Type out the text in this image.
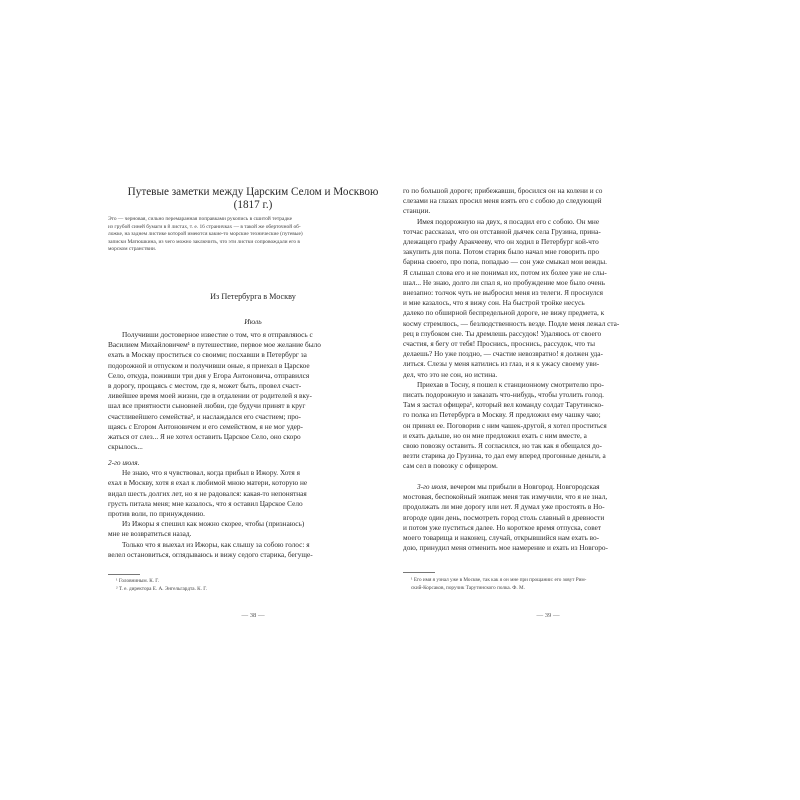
Путевые заметки между Царским Селом и Москвою
(1817 г.)
Это — черновая, сильно перемаранная поправками рукопись в сшитой тетрадке
из грубой синей бумаги в 8 листах, т. е. 16 страничках — в такой же оберточной об-
ложке, на заднем листике которой имеются какие-то морские технические (путевые)
записки Матюшкина, из чего можно заключить, что эти листки сопровождали его в
морском странствии.
Из Петербурга в Москву
Июль
Получивши достоверное известие о том, что я отправляюсь с
Василием Михайловичем¹ в путешествие, первое мое желание было
ехать в Москву проститься со своими; посхавши в Петербург за
подорожной и отпуском и получивши оные, я приехал в Царское
Село, откуда, поживши три дня у Егора Антоновича, отправился
в дорогу, прощаясь с местом, где я, может быть, провел счаст-
ливейшее время моей жизни, где в отдалении от родителей я вку-
шал все приятности сыновней любви, где будучи принят в круг
счастливейшего семейства², и наслаждался его счастием; про-
щаясь с Егором Антоновичем и его семейством, я не мог удер-
жаться от слез... Я не хотел оставить Царское Село, оно скоро
скрылось...
2-го июля.
Не знаю, что я чувствовал, когда прибыл в Ижору. Хотя я
ехал в Москву, хотя я ехал к любимой мною матери, которую не
видал шесть долгих лет, но я не радовался: какая-то непонятная
грусть питала меня; мне казалось, что я оставил Царское Село
против воли, по принуждению.
Из Ижоры я спешил как можно скорее, чтобы (признаюсь)
мне не возвратиться назад.
Только что я выехал из Ижоры, как слышу за собою голос: я
велел остановиться, оглядываюсь и вижу седого старика, бегуще-
¹ Головниным. К. Г.
² Т. е. директора Е. А. Энгельгардта. К. Г.
— 38 —
го по большой дороге; прибежавши, бросился он на колени и со
слезами на глазах просил меня взять его с собою до следующей
станции.
Имея подорожную на двух, я посадил его с собою. Он мне
тотчас рассказал, что он отставной дьячек села Грузина, прина-
длежащего графу Аракчееву, что он ходил в Петербург кой-что
закупить для попа. Потом старик было начал мне говорить про
барина своего, про попа, попадью — сон уже смыкал мои вежды.
Я слышал слова его и не понимал их, потом их более уже не слы-
шал... Не знаю, долго ли спал я, но пробуждение мое было очень
внезапно: толчок чуть не выбросил меня из телеги. Я проснулся
и мне казалось, что я вижу сон. На быстрой тройке несусь
далеко по обширной беспредельной дороге, не вижу предмета, к
косму стремлюсь, — безлюдственность везде. Подле меня лежал ста-
рец в глубоком сне. Ты дремлешь рассудок! Удаляюсь от своего
счастия, я бегу от тебя! Проснись, проснись, рассудок, что ты
делаешь? Но уже поздно, — счастие невозвратно! я должен уда-
литься. Слезы у меня катились из глаз, и я к ужасу своему уви-
дел, что это не сон, но истина.
Приехав в Тосну, я пошел к станционному смотрителю про-
писать подорожную и заказать что-нибудь, чтобы утолить голод.
Там я застал офицера¹, который вел команду солдат Тарутинско-
го полка из Петербурга в Москву. Я предложил ему чашку чаю;
он принял ее. Поговорив с ним чашек-другой, я хотел проститься
и ехать дальше, но он мне предложил ехать с ним вместе, а
свою повозку оставить. Я согласился, но так как я обещался до-
везти старика до Грузина, то дал ему вперед прогонные деньги, а
сам сел в повозку с офицером.
3-го июля, вечером мы прибыли в Новгород. Новгородская
мостовая, беспокойный экипаж меня так измучили, что я не знал,
продолжать ли мне дорогу или нет. Я думал уже простоять в Но-
вгороде один день, посмотреть город столь славный в древности
и потом уже пуститься далее. Но короткое время отпуска, совет
моего товарища и наконец, случай, открывшийся нам ехать во-
дою, принудил меня отменить мое намерение и ехать из Новгоро-
¹ Его имя я узнал уже в Москве, так как я он мне при прощании: его зовут Рим-
ский-Корсаков, поручик Тарутинского полка. Ф. М.
— 39 —
